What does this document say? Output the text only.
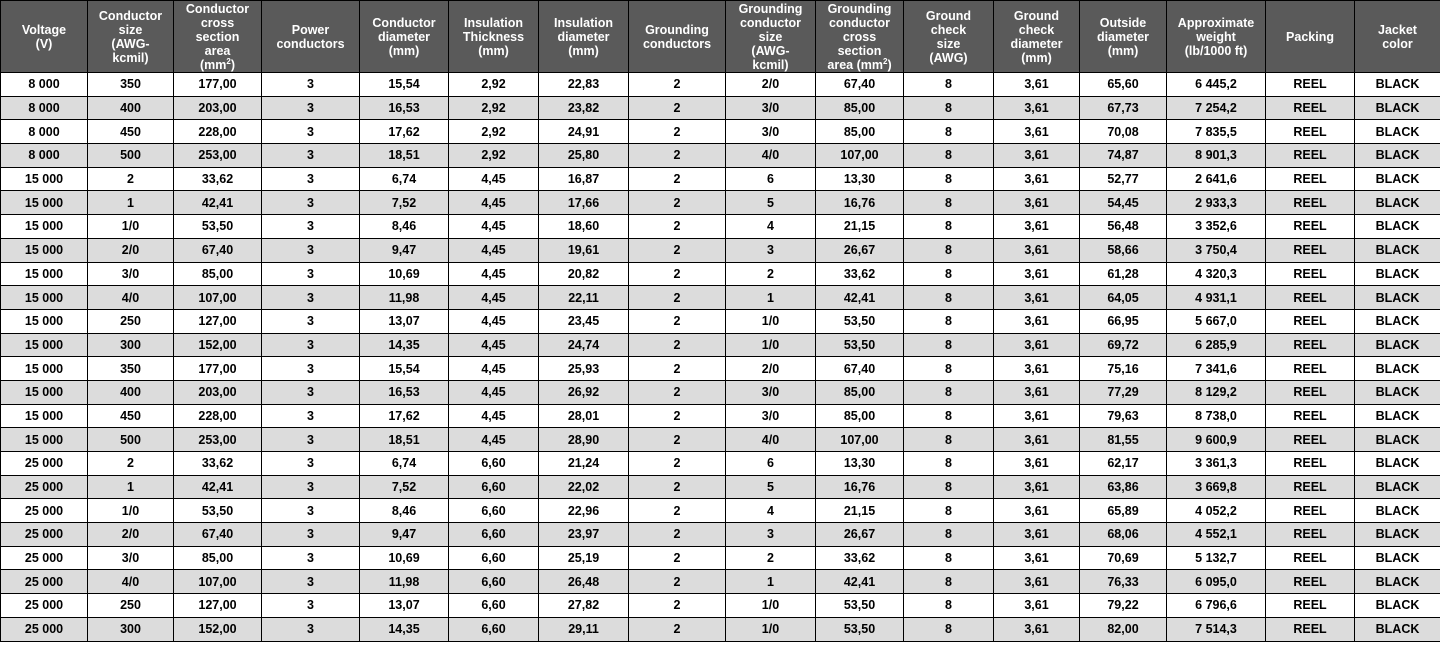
Voltage
(V)	Conductor
size
(AWG-
kcmil)	Conductor
cross
section
area
$(mm^2)$	Power
conductors	Conductor
diameter
(mm)	Insulation
Thickness
(mm)	Insulation
diameter
(mm)	Grounding
conductors	Grounding
conductor
size
(AWG-
kcmil)	Grounding
conductor
cross
section
area $(mm^2)$	Ground
check
size
(AWG)	Ground
check
diameter
(mm)	Outside
diameter
(mm)	Approximate
weight
(lb/1000 ft)	Packing	Jacket
color
8 000	350	177,00	3	15,54	2,92	22,83	2	2/0	67,40	8	3,61	65,60	6 445,2	REEL	BLACK
8 000	400	203,00	3	16,53	2,92	23,82	2	3/0	85,00	8	3,61	67,73	7 254,2	REEL	BLACK
8 000	450	228,00	3	17,62	2,92	24,91	2	3/0	85,00	8	3,61	70,08	7 835,5	REEL	BLACK
8 000	500	253,00	3	18,51	2,92	25,80	2	4/0	107,00	8	3,61	74,87	8 901,3	REEL	BLACK
15 000	2	33,62	3	6,74	4,45	16,87	2	6	13,30	8	3,61	52,77	2 641,6	REEL	BLACK
15 000	1	42,41	3	7,52	4,45	17,66	2	5	16,76	8	3,61	54,45	2 933,3	REEL	BLACK
15 000	1/0	53,50	3	8,46	4,45	18,60	2	4	21,15	8	3,61	56,48	3 352,6	REEL	BLACK
15 000	2/0	67,40	3	9,47	4,45	19,61	2	3	26,67	8	3,61	58,66	3 750,4	REEL	BLACK
15 000	3/0	85,00	3	10,69	4,45	20,82	2	2	33,62	8	3,61	61,28	4 320,3	REEL	BLACK
15 000	4/0	107,00	3	11,98	4,45	22,11	2	1	42,41	8	3,61	64,05	4 931,1	REEL	BLACK
15 000	250	127,00	3	13,07	4,45	23,45	2	1/0	53,50	8	3,61	66,95	5 667,0	REEL	BLACK
15 000	300	152,00	3	14,35	4,45	24,74	2	1/0	53,50	8	3,61	69,72	6 285,9	REEL	BLACK
15 000	350	177,00	3	15,54	4,45	25,93	2	2/0	67,40	8	3,61	75,16	7 341,6	REEL	BLACK
15 000	400	203,00	3	16,53	4,45	26,92	2	3/0	85,00	8	3,61	77,29	8 129,2	REEL	BLACK
15 000	450	228,00	3	17,62	4,45	28,01	2	3/0	85,00	8	3,61	79,63	8 738,0	REEL	BLACK
15 000	500	253,00	3	18,51	4,45	28,90	2	4/0	107,00	8	3,61	81,55	9 600,9	REEL	BLACK
25 000	2	33,62	3	6,74	6,60	21,24	2	6	13,30	8	3,61	62,17	3 361,3	REEL	BLACK
25 000	1	42,41	3	7,52	6,60	22,02	2	5	16,76	8	3,61	63,86	3 669,8	REEL	BLACK
25 000	1/0	53,50	3	8,46	6,60	22,96	2	4	21,15	8	3,61	65,89	4 052,2	REEL	BLACK
25 000	2/0	67,40	3	9,47	6,60	23,97	2	3	26,67	8	3,61	68,06	4 552,1	REEL	BLACK
25 000	3/0	85,00	3	10,69	6,60	25,19	2	2	33,62	8	3,61	70,69	5 132,7	REEL	BLACK
25 000	4/0	107,00	3	11,98	6,60	26,48	2	1	42,41	8	3,61	76,33	6 095,0	REEL	BLACK
25 000	250	127,00	3	13,07	6,60	27,82	2	1/0	53,50	8	3,61	79,22	6 796,6	REEL	BLACK
25 000	300	152,00	3	14,35	6,60	29,11	2	1/0	53,50	8	3,61	82,00	7 514,3	REEL	BLACK
